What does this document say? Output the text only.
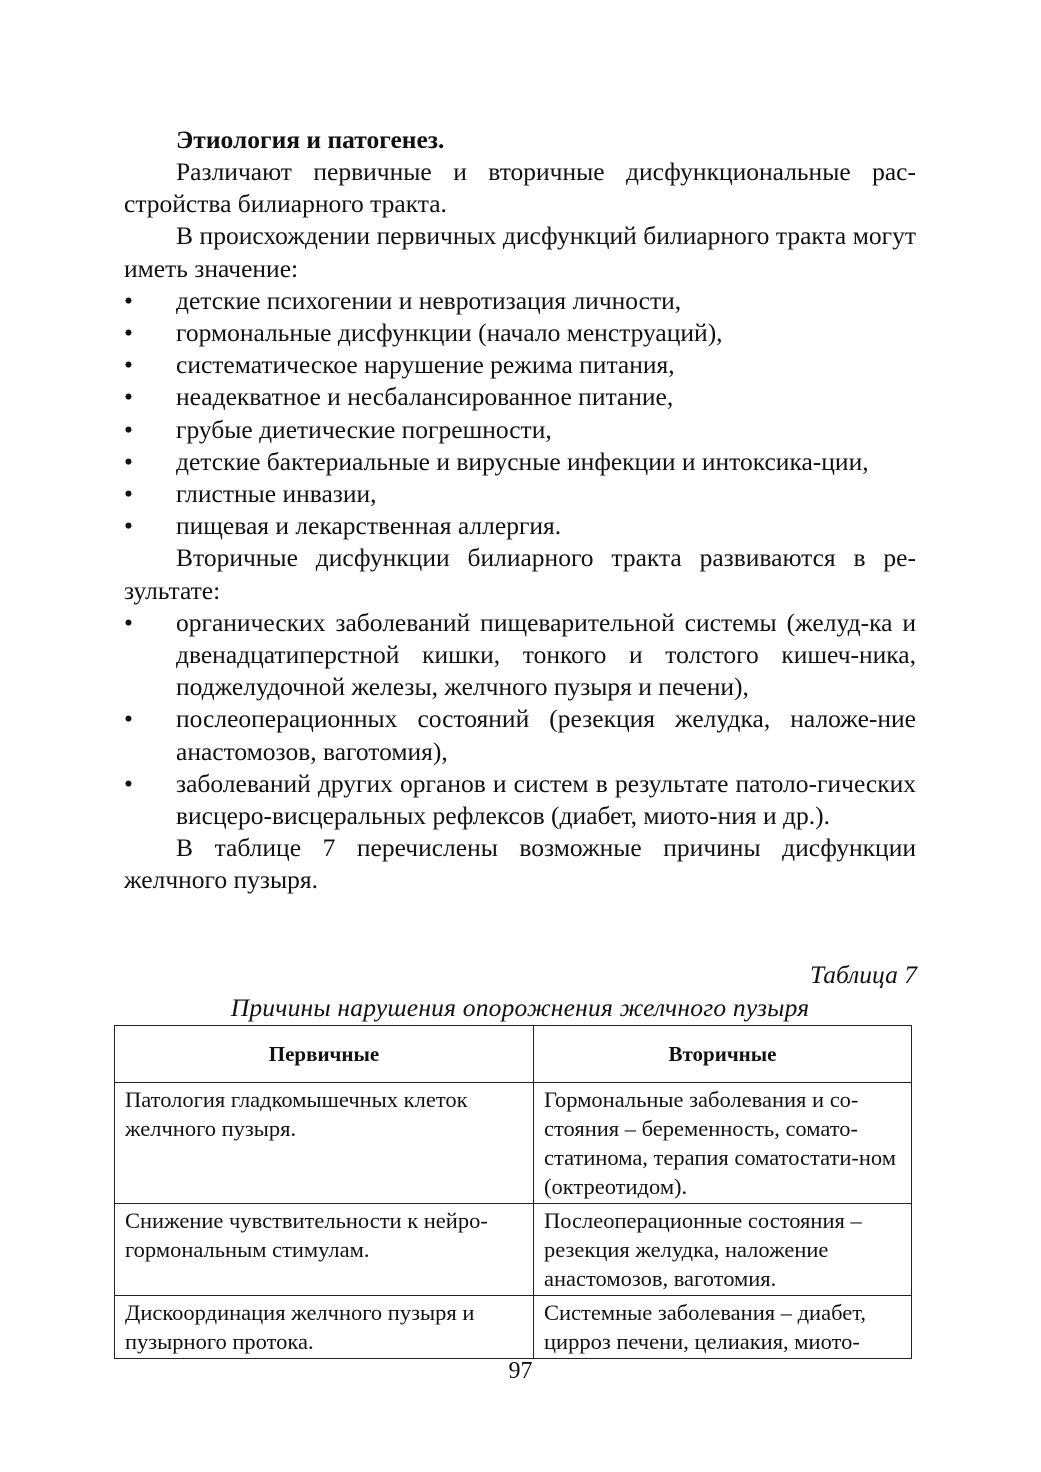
Этиология и патогенез.

Различают первичные и вторичные дисфункциональные рас-стройства билиарного тракта.

В происхождении первичных дисфункций билиарного тракта могут иметь значение:

•	детские психогении и невротизация личности,
•	гормональные дисфункции (начало менструаций),
•	систематическое нарушение режима питания,
•	неадекватное и несбалансированное питание,
•	грубые диетические погрешности,
•	детские бактериальные и вирусные инфекции и интоксика-ции,
•	глистные инвазии,
•	пищевая и лекарственная аллергия.

Вторичные дисфункции билиарного тракта развиваются в ре-зультате:

•	органических заболеваний пищеварительной системы (желуд-ка и двенадцатиперстной кишки, тонкого и толстого кишеч-ника, поджелудочной железы, желчного пузыря и печени),
•	послеоперационных состояний (резекция желудка, наложе-ние анастомозов, ваготомия),
•	заболеваний других органов и систем в результате патоло-гических висцеро-висцеральных рефлексов (диабет, миото-ния и др.).

В таблице 7 перечислены возможные причины дисфункции желчного пузыря.

Таблица 7
Причины нарушения опорожнения желчного пузыря
Первичные	Вторичные
Патология гладкомышечных клеток желчного пузыря.	Гормональные заболевания и со-стояния – беременность, сомато-статинома, терапия соматостати-ном (октреотидом).
Снижение чувствительности к нейро-гормональным стимулам.	Послеоперационные состояния – резекция желудка, наложение анастомозов, ваготомия.
Дискоординация желчного пузыря и пузырного протока.	Системные заболевания – диабет, цирроз печени, целиакия, миото-
97
